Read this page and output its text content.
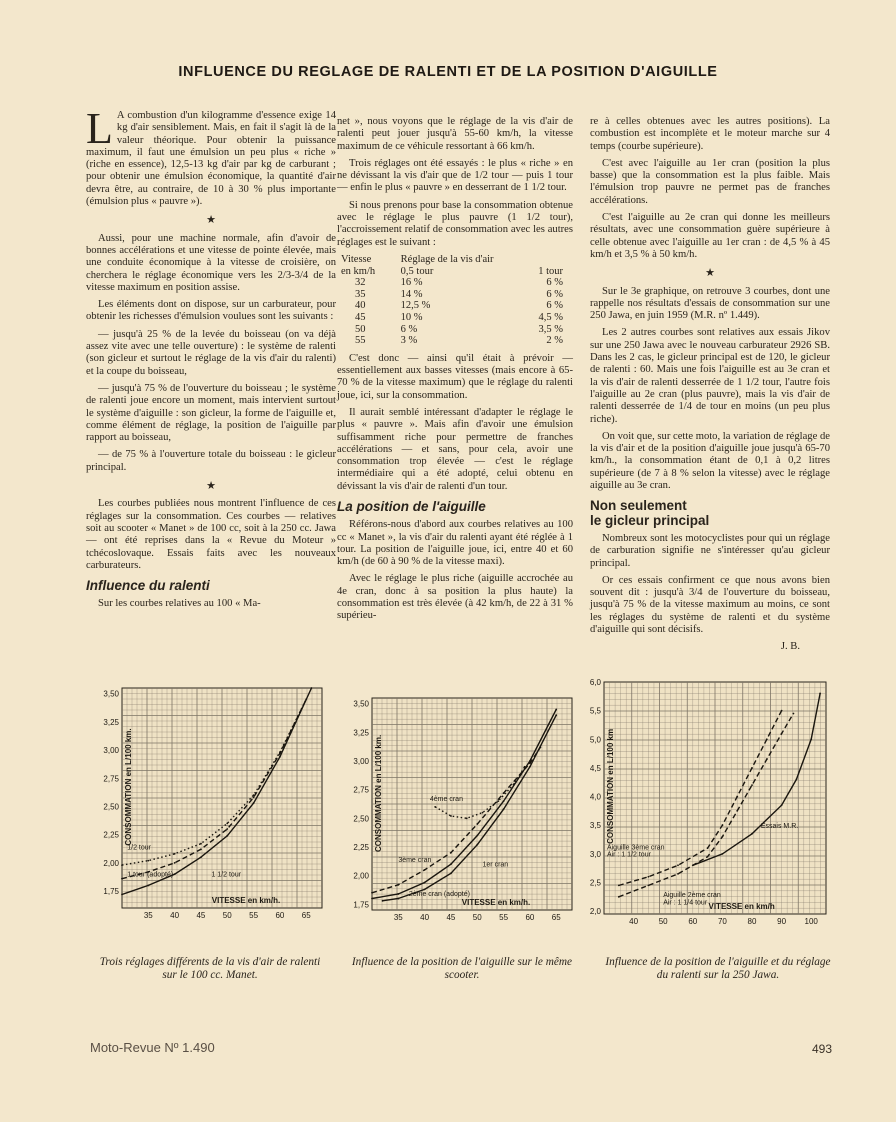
INFLUENCE DU REGLAGE DE RALENTI ET DE LA POSITION D'AIGUILLE

L A combustion d'un kilogramme d'essence exige 14 kg d'air sensiblement. Mais, en fait il s'agit là de la valeur théorique. Pour obtenir la puissance maximum, il faut une émulsion un peu plus « riche » (riche en essence), 12,5-13 kg d'air par kg de carburant ; pour obtenir une émulsion économique, la quantité d'air devra être, au contraire, de 10 à 30 % plus importante (émulsion plus « pauvre »).

★

Aussi, pour une machine normale, afin d'avoir de bonnes accélérations et une vitesse de pointe élevée, mais une conduite économique à la vitesse de croisière, on cherchera le réglage économique vers les 2/3-3/4 de la vitesse maximum en position assise.

Les éléments dont on dispose, sur un carburateur, pour obtenir les richesses d'émulsion voulues sont les suivants :

— jusqu'à 25 % de la levée du boisseau (on va déjà assez vite avec une telle ouverture) : le système de ralenti (son gicleur et surtout le réglage de la vis d'air du ralenti) et la coupe du boisseau,

— jusqu'à 75 % de l'ouverture du boisseau ; le système de ralenti joue encore un moment, mais intervient surtout le système d'aiguille : son gicleur, la forme de l'aiguille et, comme élément de réglage, la position de l'aiguille par rapport au boisseau,

— de 75 % à l'ouverture totale du boisseau : le gicleur principal.

★

Les courbes publiées nous montrent l'influence de ces réglages sur la consommation. Ces courbes — relatives soit au scooter « Manet » de 100 cc, soit à la 250 cc. Jawa — ont été reprises dans la « Revue du Moteur » tchécoslovaque. Essais faits avec les nouveaux carburateurs.

Influence du ralenti

Sur les courbes relatives au 100 « Ma-

net », nous voyons que le réglage de la vis d'air de ralenti peut jouer jusqu'à 55-60 km/h, la vitesse maximum de ce véhicule ressortant à 66 km/h.

Trois réglages ont été essayés : le plus « riche » en ne dévissant la vis d'air que de 1/2 tour — puis 1 tour — enfin le plus « pauvre » en desserrant de 1 1/2 tour.

Si nous prenons pour base la consommation obtenue avec le réglage le plus pauvre (1 1/2 tour), l'accroissement relatif de consommation avec les autres réglages est le suivant :

Vitesse	Réglage de la vis d'air	
en km/h	0,5 tour	1 tour
32	16 %	6 %
35	14 %	6 %
40	12,5 %	6 %
45	10 %	4,5 %
50	6 %	3,5 %
55	3 %	2 %

C'est donc — ainsi qu'il était à prévoir — essentiellement aux basses vitesses (mais encore à 65-70 % de la vitesse maximum) que le réglage du ralenti joue, ici, sur la consommation.

Il aurait semblé intéressant d'adapter le réglage le plus « pauvre ». Mais afin d'avoir une émulsion suffisamment riche pour permettre de franches accélérations — et sans, pour cela, avoir une consommation trop élevée — c'est le réglage intermédiaire qui a été adopté, celui obtenu en dévissant la vis d'air de ralenti d'un tour.

La position de l'aiguille

Référons-nous d'abord aux courbes relatives au 100 cc « Manet », la vis d'air du ralenti ayant été réglée à 1 tour. La position de l'aiguille joue, ici, entre 40 et 60 km/h (de 60 à 90 % de la vitesse maxi).

Avec le réglage le plus riche (aiguille accrochée au 4e cran, donc à sa position la plus haute) la consommation est très élevée (à 42 km/h, de 22 à 31 % supérieu-

re à celles obtenues avec les autres positions). La combustion est incomplète et le moteur marche sur 4 temps (courbe supérieure).

C'est avec l'aiguille au 1er cran (position la plus basse) que la consommation est la plus faible. Mais l'émulsion trop pauvre ne permet pas de franches accélérations.

C'est l'aiguille au 2e cran qui donne les meilleurs résultats, avec une consommation guère supérieure à celle obtenue avec l'aiguille au 1er cran : de 4,5 % à 45 km/h et 3,5 % à 50 km/h.

★

Sur le 3e graphique, on retrouve 3 courbes, dont une rappelle nos résultats d'essais de consommation sur une 250 Jawa, en juin 1959 (M.R. nº 1.449).

Les 2 autres courbes sont relatives aux essais Jikov sur une 250 Jawa avec le nouveau carburateur 2926 SB. Dans les 2 cas, le gicleur principal est de 120, le gicleur de ralenti : 60. Mais une fois l'aiguille est au 3e cran et la vis d'air de ralenti desserrée de 1 1/2 tour, l'autre fois l'aiguille au 2e cran (plus pauvre), mais la vis d'air de ralenti desserrée de 1/4 de tour en moins (un peu plus riche).

On voit que, sur cette moto, la variation de réglage de la vis d'air et de la position d'aiguille joue jusqu'à 65-70 km/h., la consommation étant de 0,1 à 0,2 litres supérieure (de 7 à 8 % selon la vitesse) avec le réglage aiguille au 3e cran.

Non seulement
le gicleur principal

Nombreux sont les motocyclistes pour qui un réglage de carburation signifie ne s'intéresser qu'au gicleur principal.

Or ces essais confirment ce que nous avons bien souvent dit : jusqu'à 3/4 de l'ouverture du boisseau, jusqu'à 75 % de la vitesse maximum au moins, ce sont les réglages du système de ralenti et du système d'aiguille qui sont décisifs.

J. B.
1,75
2,00
2,25
2,50
2,75
3,00
3,25
3,50
35 40 45 50 55 60 65
VITESSE en km/h.
CONSOMMATION en L/100 km.
1/2 tour
1 tour (adopté)	1 1/2 tour
1,75
2,00
2,25
2,50
2,75
3,00
3,25
3,50
35 40 45 50 55 60 65
VITESSE en km/h.
CONSOMMATION en L/100 km.	4ème cran
3ème cran
1er cran
2ème cran (adopté)
2,0
2,5
3,0
3,5
4,0
4,5
5,0
5,5
6,0
40	50	60	70	80	90 100
VITESSE en km/h
CONSOMMATION en L/100 km	Essais M.R.
Aiguille 3ème cran
Air : 1 1/2 tour
Aiguille 2ème cran
Air : 1 1/4 tour
Trois réglages différents de la vis d'air de ralenti sur le 100 cc. Manet.
Influence de la position de l'aiguille sur le même scooter.
Influence de la position de l'aiguille et du réglage du ralenti sur la 250 Jawa.
Moto-Revue Nº 1.490	493
